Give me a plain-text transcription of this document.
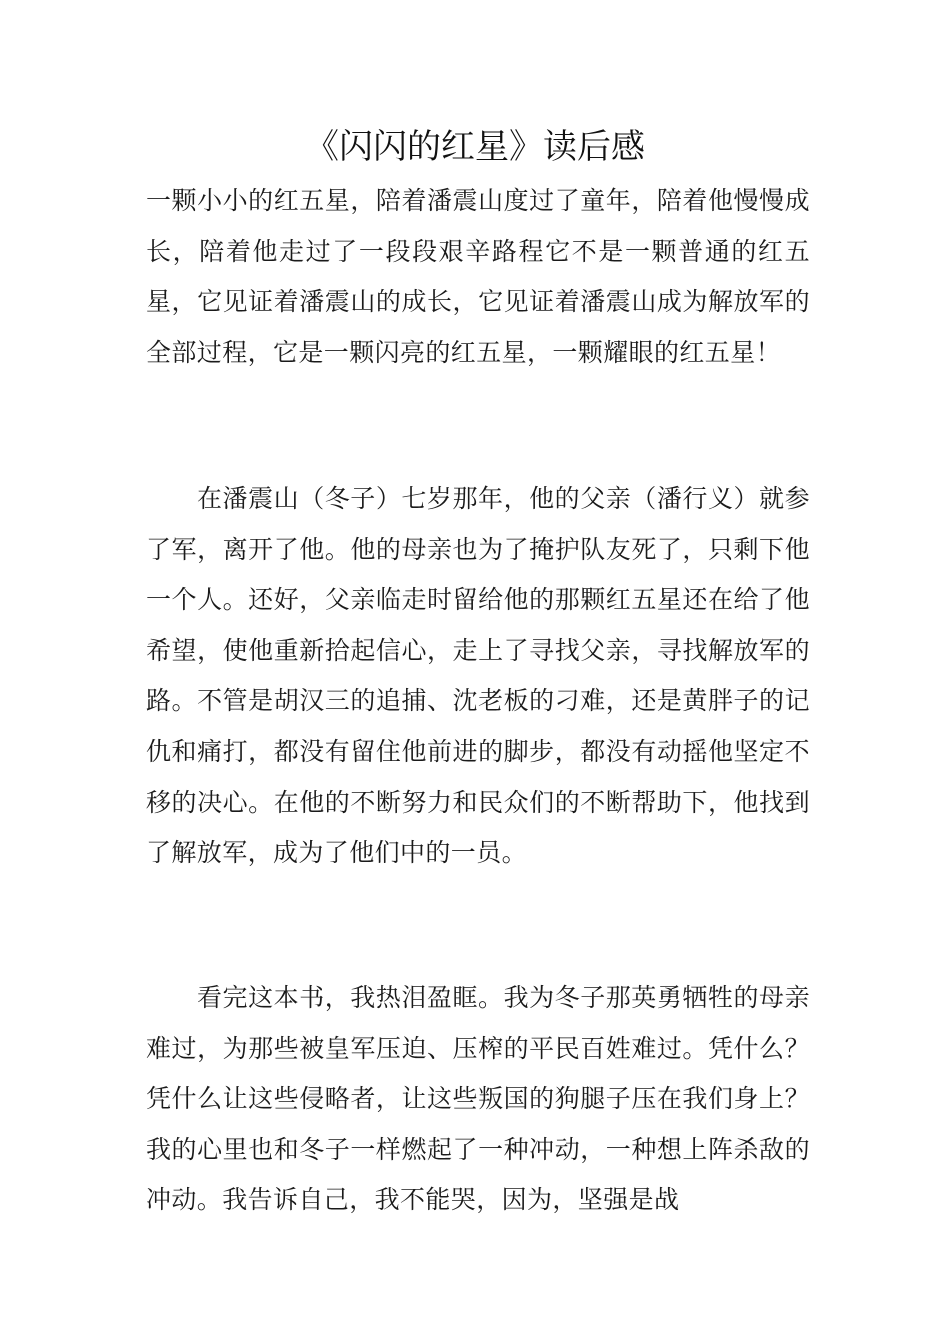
《闪闪的红星》读后感

一颗小小的红五星，陪着潘震山度过了童年，陪着他慢慢成长，陪着他走过了一段段艰辛路程它不是一颗普通的红五星，它见证着潘震山的成长，它见证着潘震山成为解放军的全部过程，它是一颗闪亮的红五星，一颗耀眼的红五星！

在潘震山（冬子）七岁那年，他的父亲（潘行义）就参了军，离开了他。他的母亲也为了掩护队友死了，只剩下他一个人。还好，父亲临走时留给他的那颗红五星还在给了他希望，使他重新拾起信心，走上了寻找父亲，寻找解放军的路。不管是胡汉三的追捕、沈老板的刁难，还是黄胖子的记仇和痛打，都没有留住他前进的脚步，都没有动摇他坚定不移的决心。在他的不断努力和民众们的不断帮助下，他找到了解放军，成为了他们中的一员。

看完这本书，我热泪盈眶。我为冬子那英勇牺牲的母亲难过，为那些被皇军压迫、压榨的平民百姓难过。凭什么？凭什么让这些侵略者，让这些叛国的狗腿子压在我们身上？我的心里也和冬子一样燃起了一种冲动，一种想上阵杀敌的冲动。我告诉自己，我不能哭，因为，坚强是战
